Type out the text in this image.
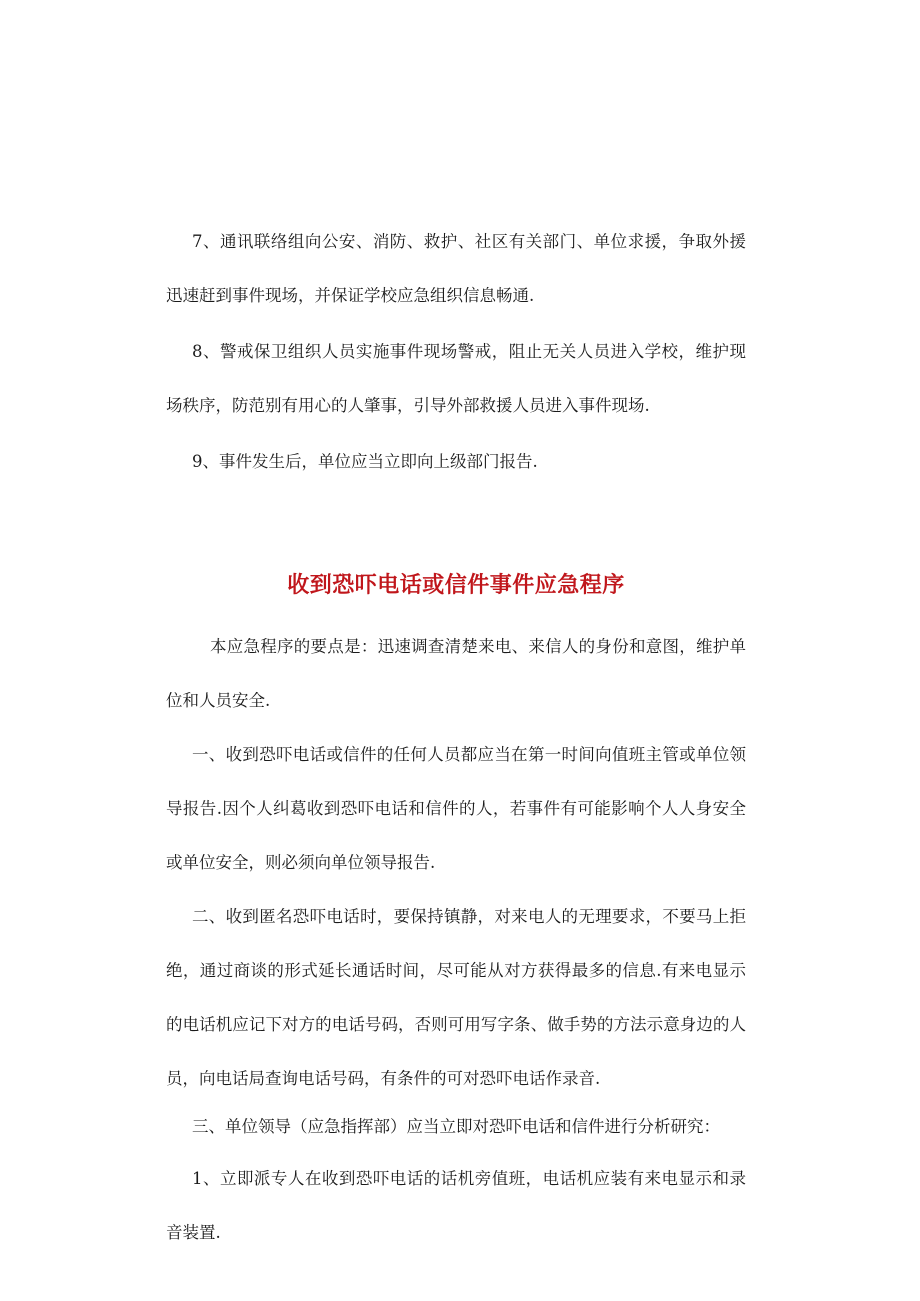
7、通讯联络组向公安、消防、救护、社区有关部门、单位求援，争取外援迅速赶到事件现场，并保证学校应急组织信息畅通.

8、警戒保卫组织人员实施事件现场警戒，阻止无关人员进入学校，维护现场秩序，防范别有用心的人肇事，引导外部救援人员进入事件现场.

9、事件发生后，单位应当立即向上级部门报告.

收到恐吓电话或信件事件应急程序

本应急程序的要点是：迅速调查清楚来电、来信人的身份和意图，维护单位和人员安全.

一、收到恐吓电话或信件的任何人员都应当在第一时间向值班主管或单位领导报告.因个人纠葛收到恐吓电话和信件的人，若事件有可能影响个人人身安全或单位安全，则必须向单位领导报告.

二、收到匿名恐吓电话时，要保持镇静，对来电人的无理要求，不要马上拒绝，通过商谈的形式延长通话时间，尽可能从对方获得最多的信息.有来电显示的电话机应记下对方的电话号码，否则可用写字条、做手势的方法示意身边的人员，向电话局查询电话号码，有条件的可对恐吓电话作录音.

三、单位领导（应急指挥部）应当立即对恐吓电话和信件进行分析研究：

1、立即派专人在收到恐吓电话的话机旁值班，电话机应装有来电显示和录音装置.
